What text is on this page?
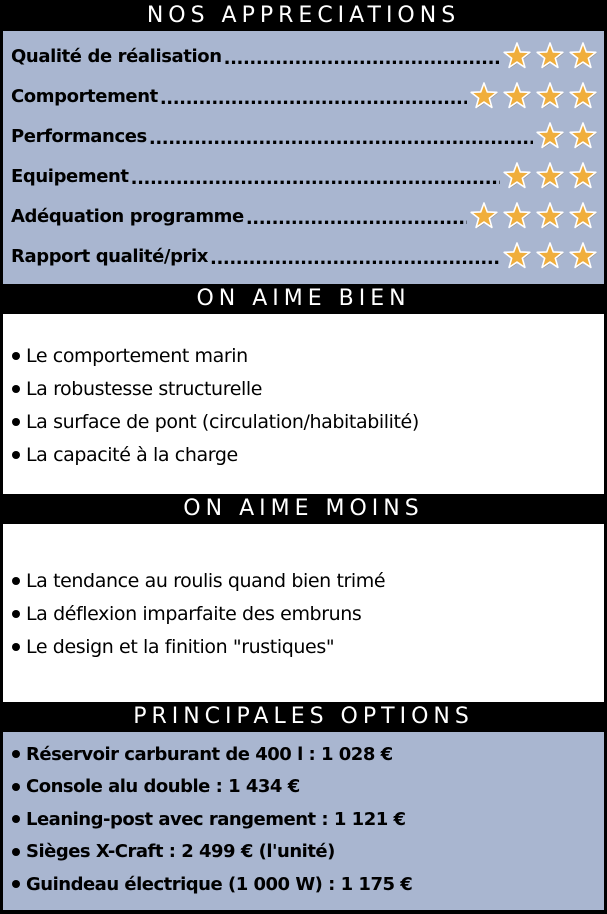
NOS APPRECIATIONS
Qualité de réalisation
.....
Comportement
.....
Performances
.....
Equipement
.....
Adéquation programme
.....
Rapport qualité/prix
.....
ON AIME BIEN
Le comportement marin
La robustesse structurelle
La surface de pont (circulation/habitabilité)
La capacité à la charge
ON AIME MOINS
La tendance au roulis quand bien trimé
La déflexion imparfaite des embruns
Le design et la finition "rustiques"
PRINCIPALES OPTIONS
Réservoir carburant de 400 l : 1 028 €
Console alu double : 1 434 €
Leaning-post avec rangement : 1 121 €
Sièges X-Craft : 2 499 € (l'unité)
Guindeau électrique (1 000 W) : 1 175 €
